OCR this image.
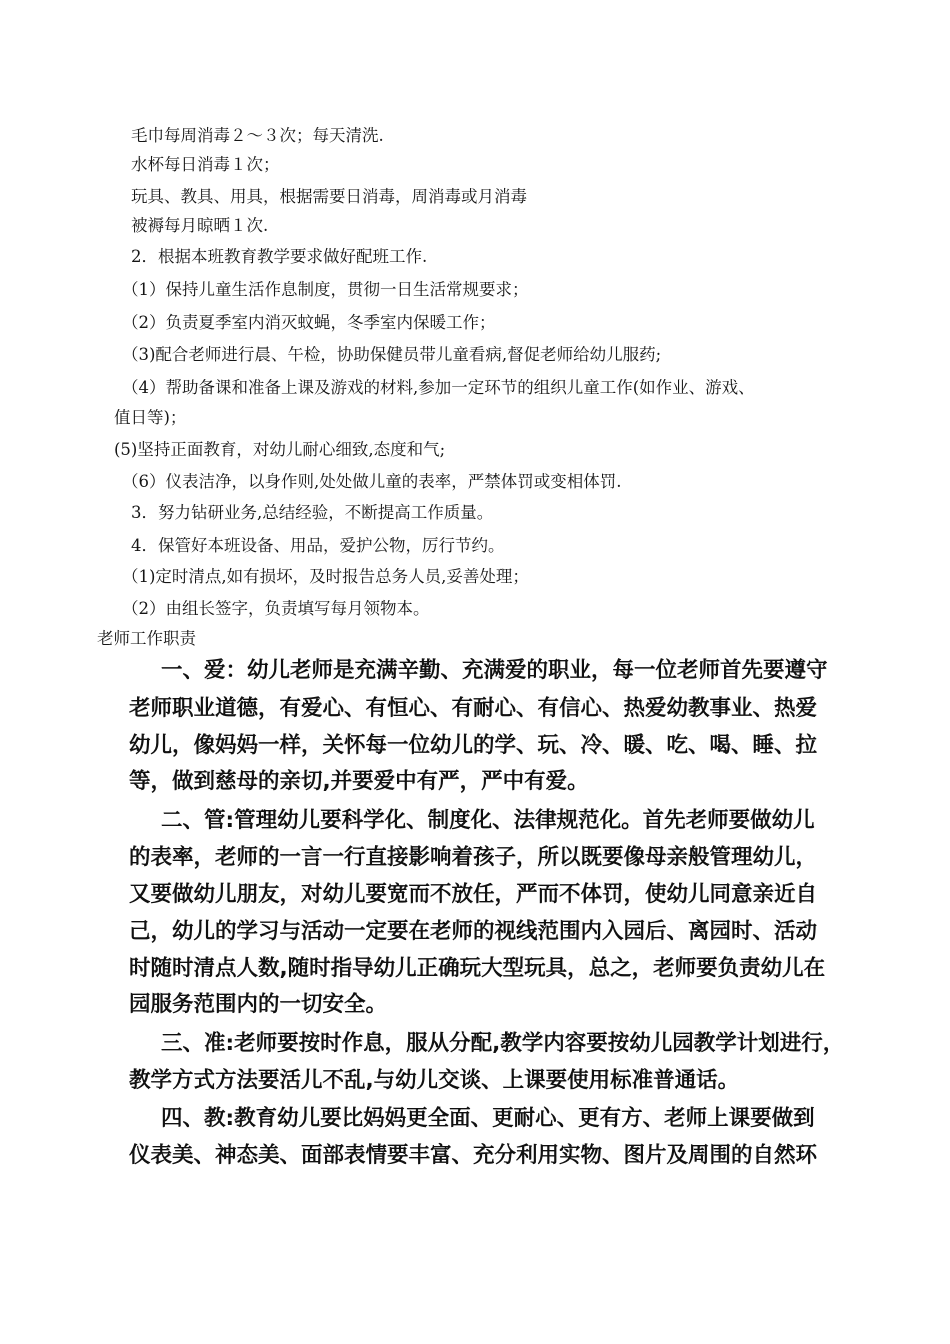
毛巾每周消毒２～３次；每天清洗.
水杯每日消毒１次；
玩具、教具、用具，根据需要日消毒，周消毒或月消毒
被褥每月晾晒１次.
2．根据本班教育教学要求做好配班工作.
（1）保持儿童生活作息制度，贯彻一日生活常规要求；
（2）负责夏季室内消灭蚊蝇，冬季室内保暖工作；
（3)配合老师进行晨、午检，协助保健员带儿童看病,督促老师给幼儿服药;
（4）帮助备课和准备上课及游戏的材料,参加一定环节的组织儿童工作(如作业、游戏、
值日等)；
(5)坚持正面教育，对幼儿耐心细致,态度和气;
（6）仪表洁净，以身作则,处处做儿童的表率，严禁体罚或变相体罚.
3．努力钻研业务,总结经验，不断提高工作质量。
4．保管好本班设备、用品，爱护公物，厉行节约。
（1)定时清点,如有损坏，及时报告总务人员,妥善处理；
（2）由组长签字，负责填写每月领物本。
老师工作职责
一、爱：幼儿老师是充满辛勤、充满爱的职业，每一位老师首先要遵守
老师职业道德，有爱心、有恒心、有耐心、有信心、热爱幼教事业、热爱
幼儿，像妈妈一样，关怀每一位幼儿的学、玩、冷、暖、吃、喝、睡、拉
等，做到慈母的亲切,并要爱中有严，严中有爱。
二、管:管理幼儿要科学化、制度化、法律规范化。首先老师要做幼儿
的表率，老师的一言一行直接影响着孩子，所以既要像母亲般管理幼儿，
又要做幼儿朋友，对幼儿要宽而不放任，严而不体罚，使幼儿同意亲近自
己，幼儿的学习与活动一定要在老师的视线范围内入园后、离园时、活动
时随时清点人数,随时指导幼儿正确玩大型玩具，总之，老师要负责幼儿在
园服务范围内的一切安全。
三、准:老师要按时作息，服从分配,教学内容要按幼儿园教学计划进行，
教学方式方法要活儿不乱,与幼儿交谈、上课要使用标准普通话。
四、教:教育幼儿要比妈妈更全面、更耐心、更有方、老师上课要做到
仪表美、神态美、面部表情要丰富、充分利用实物、图片及周围的自然环
